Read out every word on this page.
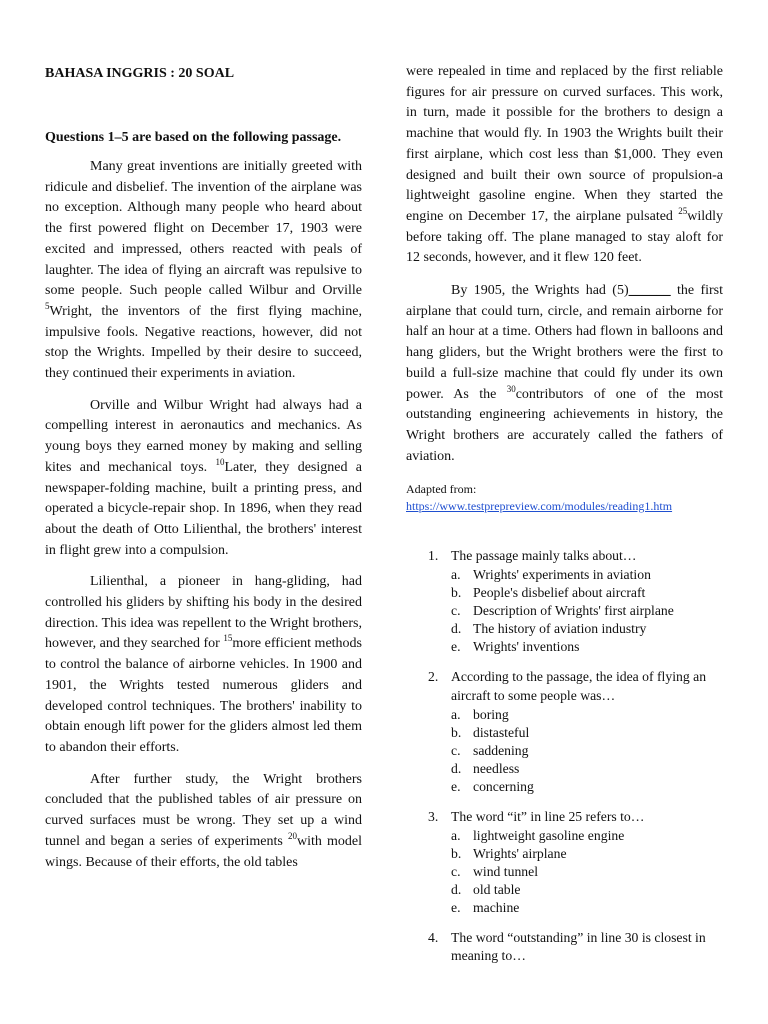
BAHASA INGGRIS : 20 SOAL

Questions 1–5 are based on the following passage.

Many great inventions are initially greeted with ridicule and disbelief. The invention of the airplane was no exception. Although many people who heard about the first powered flight on December 17, 1903 were excited and impressed, others reacted with peals of laughter. The idea of flying an aircraft was repulsive to some people. Such people called Wilbur and Orville $^5$Wright, the inventors of the first flying machine, impulsive fools. Negative reactions, however, did not stop the Wrights. Impelled by their desire to succeed, they continued their experiments in aviation.

Orville and Wilbur Wright had always had a compelling interest in aeronautics and mechanics. As young boys they earned money by making and selling kites and mechanical toys. $^{10}$Later, they designed a newspaper-folding machine, built a printing press, and operated a bicycle-repair shop. In 1896, when they read about the death of Otto Lilienthal, the brothers' interest in flight grew into a compulsion.

Lilienthal, a pioneer in hang-gliding, had controlled his gliders by shifting his body in the desired direction. This idea was repellent to the Wright brothers, however, and they searched for $^{15}$more efficient methods to control the balance of airborne vehicles. In 1900 and 1901, the Wrights tested numerous gliders and developed control techniques. The brothers' inability to obtain enough lift power for the gliders almost led them to abandon their efforts.

After further study, the Wright brothers concluded that the published tables of air pressure on curved surfaces must be wrong. They set up a wind tunnel and began a series of experiments $^{20}$with model wings. Because of their efforts, the old tables

were repealed in time and replaced by the first reliable figures for air pressure on curved surfaces. This work, in turn, made it possible for the brothers to design a machine that would fly. In 1903 the Wrights built their first airplane, which cost less than $1,000. They even designed and built their own source of propulsion-a lightweight gasoline engine. When they started the engine on December 17, the airplane pulsated $^{25}$wildly before taking off. The plane managed to stay aloft for 12 seconds, however, and it flew 120 feet.

By 1905, the Wrights had (5)______ the first airplane that could turn, circle, and remain airborne for half an hour at a time. Others had flown in balloons and hang gliders, but the Wright brothers were the first to build a full-size machine that could fly under its own power. As the $^{30}$contributors of one of the most outstanding engineering achievements in history, the Wright brothers are accurately called the fathers of aviation.

Adapted from:
https://www.testprepreview.com/modules/reading1.htm
1. The passage mainly talks about…
a. Wrights' experiments in aviation
b. People's disbelief about aircraft
c. Description of Wrights' first airplane
d. The history of aviation industry
e. Wrights' inventions
2. According to the passage, the idea of flying an aircraft to some people was…
a. boring
b. distasteful
c. saddening
d. needless
e. concerning
3. The word “it” in line 25 refers to…
a. lightweight gasoline engine
b. Wrights' airplane
c. wind tunnel
d. old table
e. machine
4. The word “outstanding” in line 30 is closest in meaning to…
